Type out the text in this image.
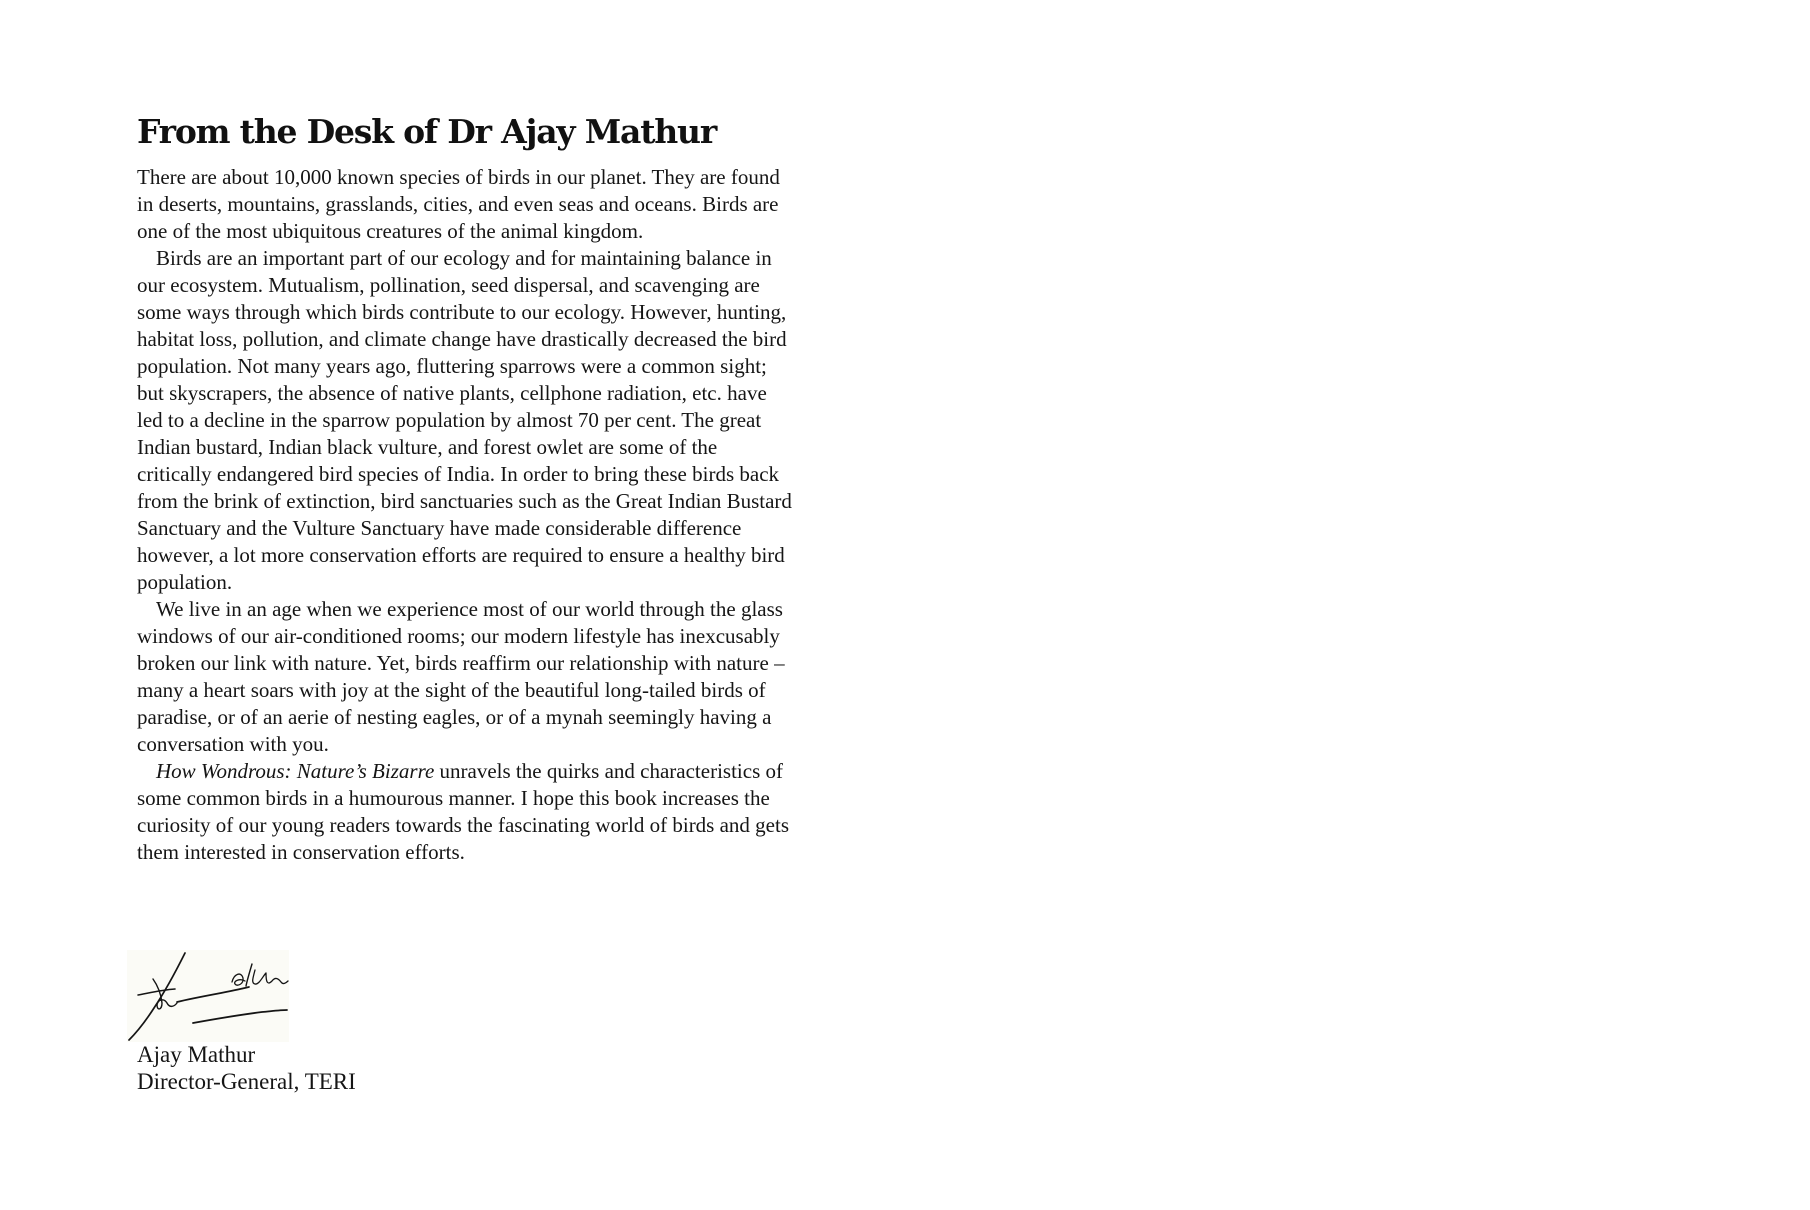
From the Desk of Dr Ajay Mathur

There are about 10,000 known species of birds in our planet. They are found in deserts, mountains, grasslands, cities, and even seas and oceans. Birds are one of the most ubiquitous creatures of the animal kingdom.

Birds are an important part of our ecology and for maintaining balance in our ecosystem. Mutualism, pollination, seed dispersal, and scavenging are some ways through which birds contribute to our ecology. However, hunting, habitat loss, pollution, and climate change have drastically decreased the bird population. Not many years ago, fluttering sparrows were a common sight; but skyscrapers, the absence of native plants, cellphone radiation, etc. have led to a decline in the sparrow population by almost 70 per cent. The great Indian bustard, Indian black vulture, and forest owlet are some of the critically endangered bird species of India. In order to bring these birds back from the brink of extinction, bird sanctuaries such as the Great Indian Bustard Sanctuary and the Vulture Sanctuary have made considerable difference however, a lot more conservation efforts are required to ensure a healthy bird population.

We live in an age when we experience most of our world through the glass windows of our air-conditioned rooms; our modern lifestyle has inexcusably broken our link with nature. Yet, birds reaffirm our relationship with nature – many a heart soars with joy at the sight of the beautiful long-tailed birds of paradise, or of an aerie of nesting eagles, or of a mynah seemingly having a conversation with you.

How Wondrous: Nature’s Bizarre unravels the quirks and characteristics of some common birds in a humourous manner. I hope this book increases the curiosity of our young readers towards the fascinating world of birds and gets them interested in conservation efforts.

Ajay Mathur
Director-General, TERI
